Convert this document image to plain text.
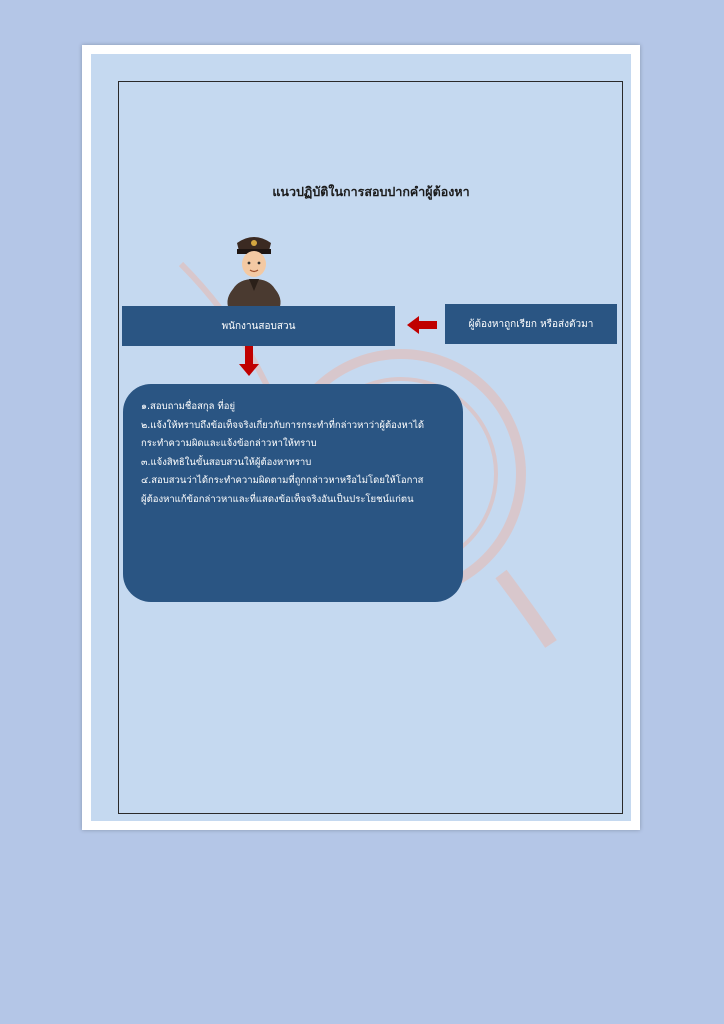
แนวปฏิบัติในการสอบปากคำผู้ต้องหา
พนักงานสอบสวน	ผู้ต้องหาถูกเรียก หรือส่งตัวมา
๑.สอบถามชื่อสกุล ที่อยู่
๒.แจ้งให้ทราบถึงข้อเท็จจริงเกี่ยวกับการกระทำที่กล่าวหาว่าผู้ต้องหาได้
กระทำความผิดและแจ้งข้อกล่าวหาให้ทราบ
๓.แจ้งสิทธิในขั้นสอบสวนให้ผู้ต้องหาทราบ
๔.สอบสวนว่าได้กระทำความผิดตามที่ถูกกล่าวหาหรือไม่โดยให้โอกาส
ผู้ต้องหาแก้ข้อกล่าวหาและที่แสดงข้อเท็จจริงอันเป็นประโยชน์แก่ตน
